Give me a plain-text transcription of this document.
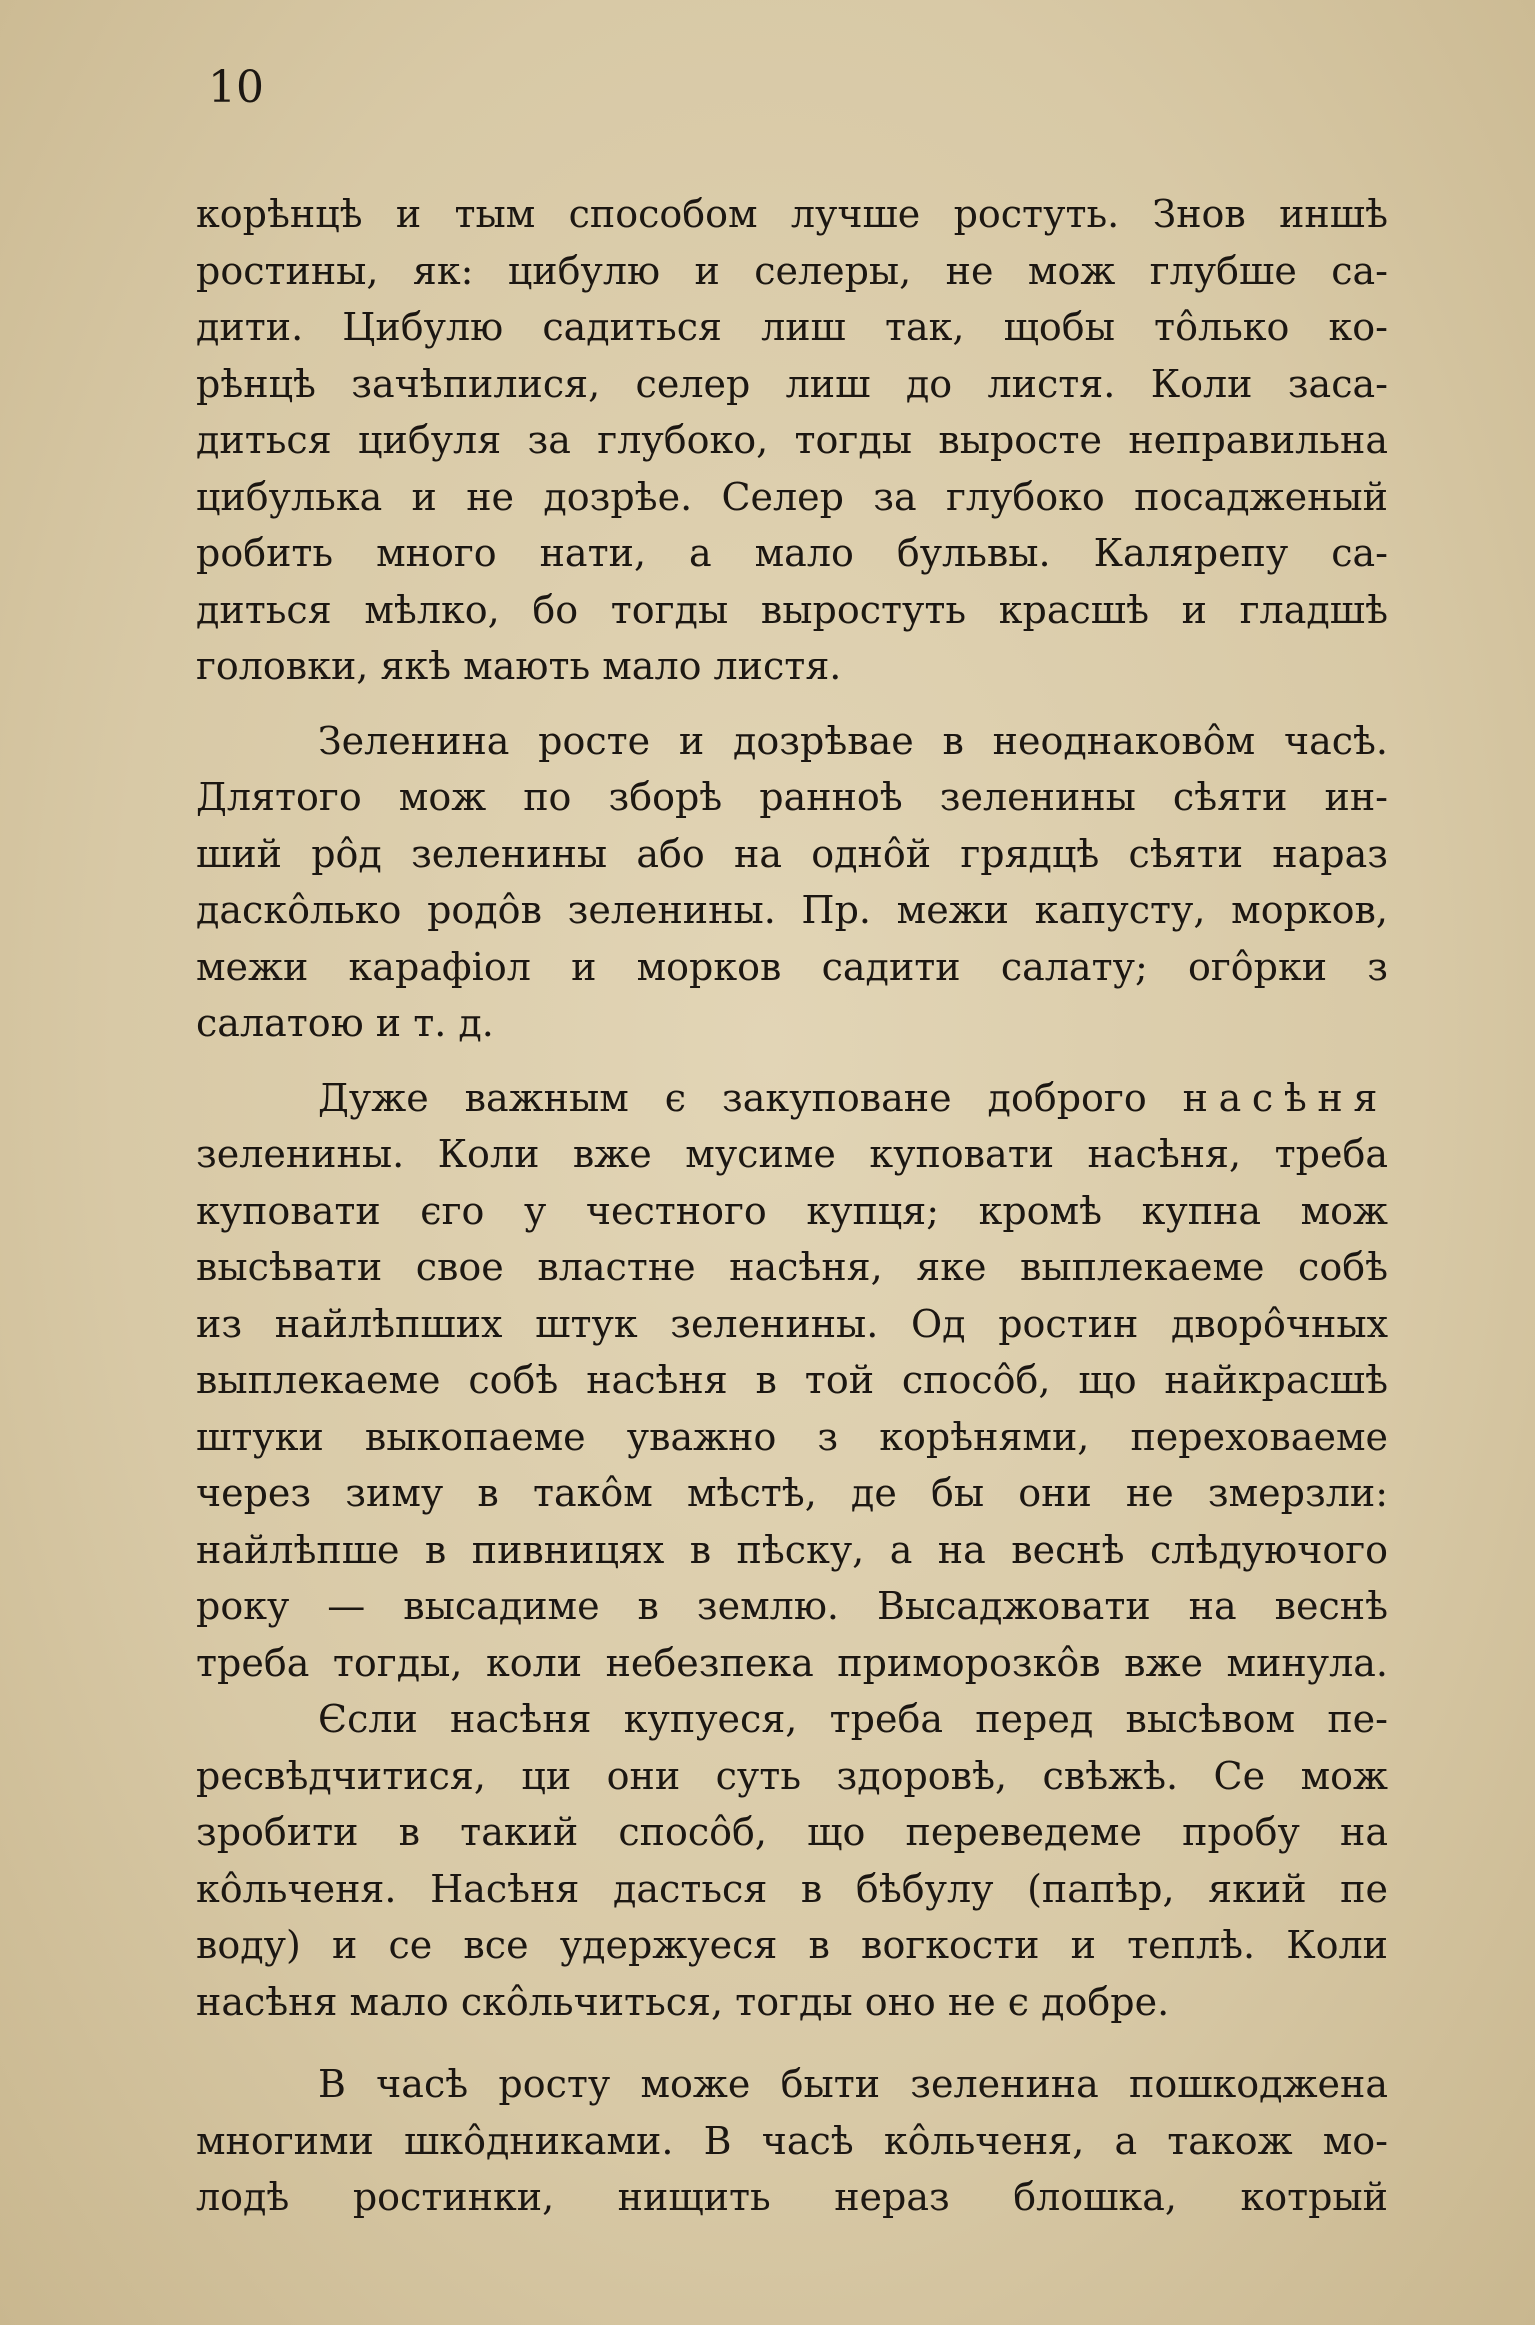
10
корѣнцѣ и тым способом лучше ростуть. Знов иншѣ
ростины, як: цибулю и селеры, не мож глубше са-
дити. Цибулю садиться лиш так, щобы тôлько ко-
рѣнцѣ зачѣпилися, селер лиш до листя. Коли заса-
диться цибуля за глубоко, тогды выросте неправильна
цибулька и не дозрѣе. Селер за глубоко посадженый
робить много нати, а мало бульвы. Калярепу са-
диться мѣлко, бо тогды выростуть красшѣ и гладшѣ
головки, якѣ мають мало листя.
Зеленина росте и дозрѣвае в неоднаковôм часѣ.
Длятого мож по зборѣ ранноѣ зеленины сѣяти ин-
ший рôд зеленины або на однôй грядцѣ сѣяти нараз
даскôлько родôв зеленины. Пр. межи капусту, морков,
межи карафіол и морков садити салату; огôрки з
салатою и т. д.
Дуже важным є закуповане доброго насѣня
зеленины. Коли вже мусиме куповати насѣня, треба
куповати єго у честного купця; кромѣ купна мож
высѣвати свое властне насѣня, яке выплекаеме собѣ
из найлѣпших штук зеленины. Од ростин дворôчных
выплекаеме собѣ насѣня в той спосôб, що найкрасшѣ
штуки выкопаеме уважно з корѣнями, переховаеме
через зиму в такôм мѣстѣ, де бы они не змерзли:
найлѣпше в пивницях в пѣску, а на веснѣ слѣдуючого
року — высадиме в землю. Высаджовати на веснѣ
треба тогды, коли небезпека приморозкôв вже минула.
Єсли насѣня купуеся, треба перед высѣвом пе-
ресвѣдчитися, ци они суть здоровѣ, свѣжѣ. Се мож
зробити в такий спосôб, що переведеме пробу на
кôльченя. Насѣня дасться в бѣбулу (папѣр, який пе
воду) и се все удержуеся в вогкости и теплѣ. Коли
насѣня мало скôльчиться, тогды оно не є добре.
В часѣ росту може быти зеленина пошкоджена
многими шкôдниками. В часѣ кôльченя, а також мо-
лодѣ ростинки, нищить нераз блошка, котрый
